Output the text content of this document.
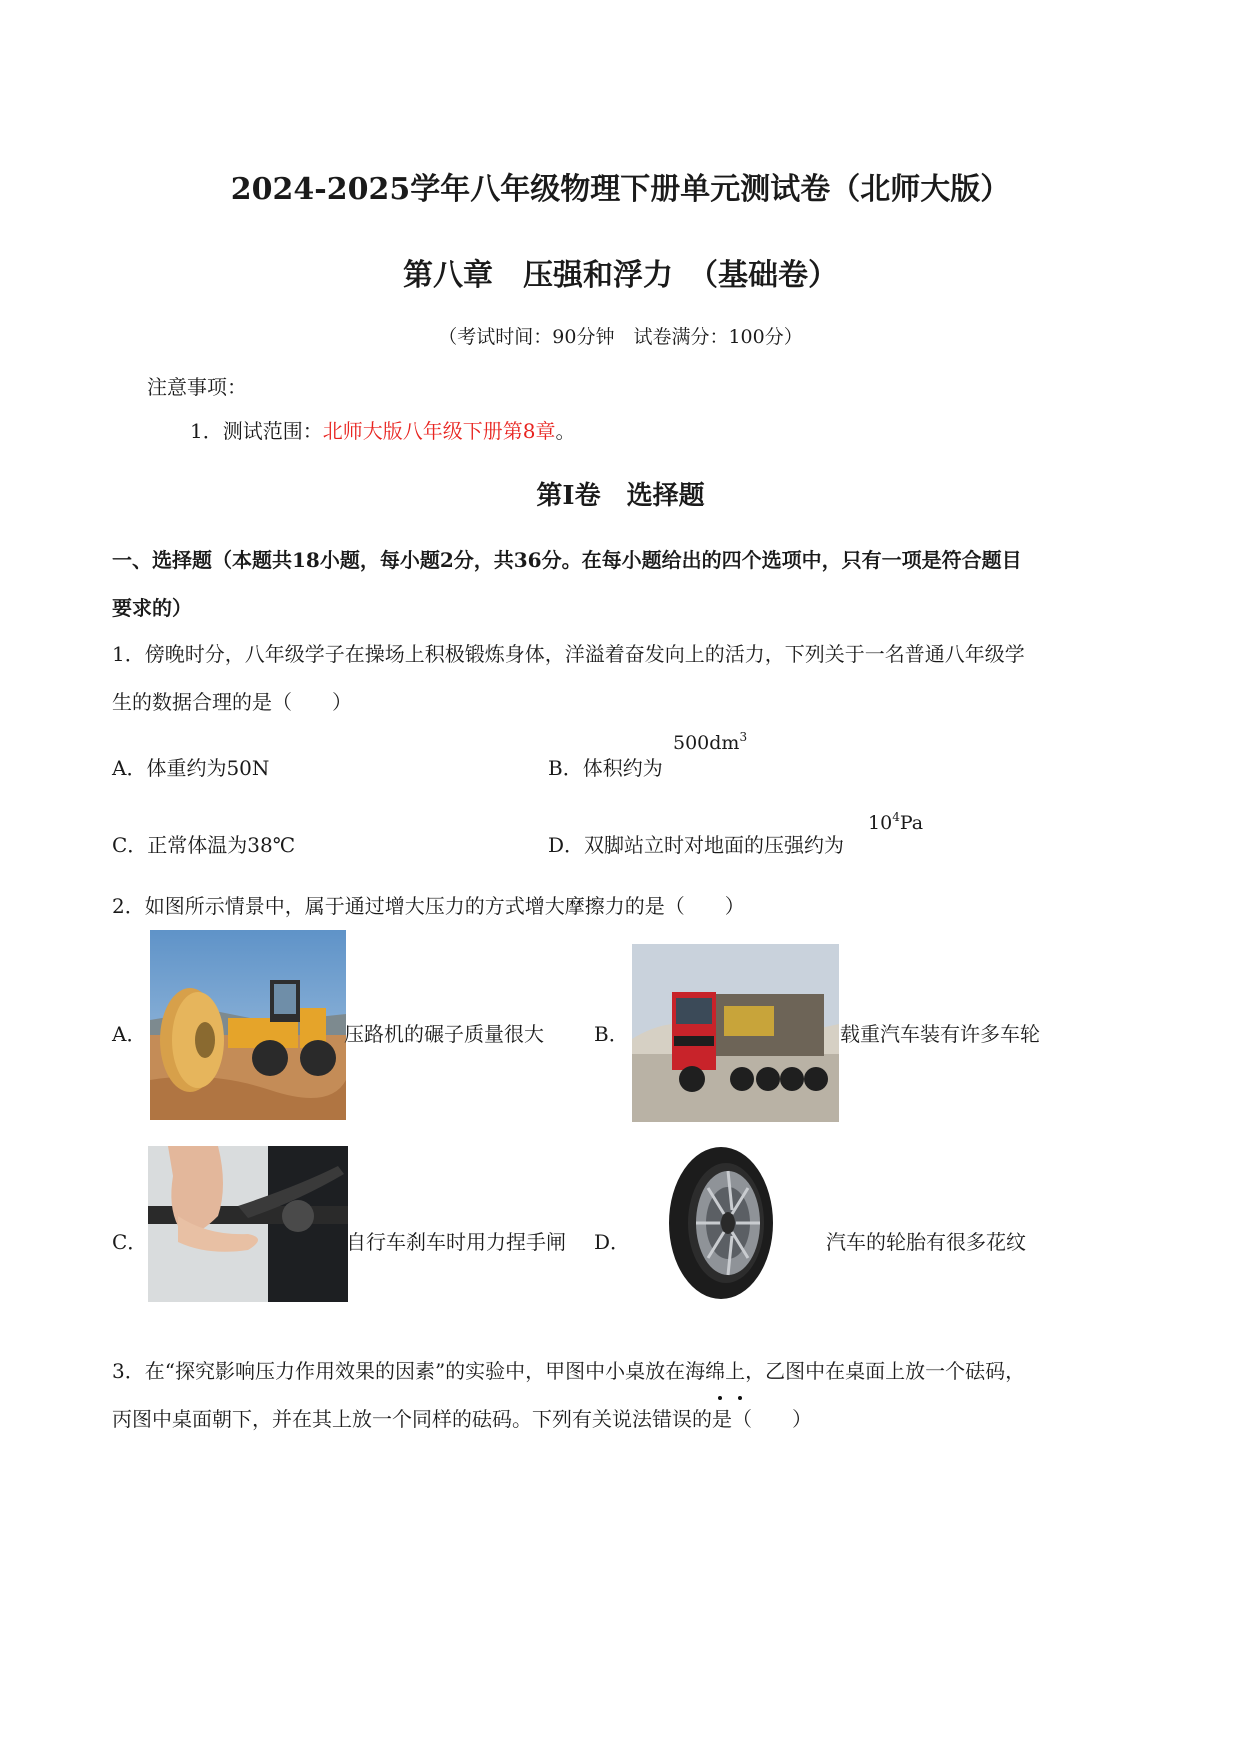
2024-2025学年八年级物理下册单元测试卷（北师大版）
第八章　压强和浮力　（基础卷）
（考试时间：90分钟　试卷满分：100分）
注意事项：
1．测试范围：北师大版八年级下册第8章。
第Ⅰ卷　选择题
一、选择题（本题共18小题，每小题2分，共36分。在每小题给出的四个选项中，只有一项是符合题目
要求的）
1．傍晚时分，八年级学子在操场上积极锻炼身体，洋溢着奋发向上的活力，下列关于一名普通八年级学
生的数据合理的是（　　）
A．体重约为50N	B．体积约为
$500dm^3$
C．正常体温为38℃	D．双脚站立时对地面的压强约为
$10^4Pa$
2．如图所示情景中，属于通过增大压力的方式增大摩擦力的是（　　）
A．	压路机的碾子质量很大	B．	载重汽车装有许多车轮
C．	自行车刹车时用力捏手闸 D．	汽车的轮胎有很多花纹
3．在“探究影响压力作用效果的因素”的实验中，甲图中小桌放在海绵上，乙图中在桌面上放一个砝码，
丙图中桌面朝下，并在其上放一个同样的砝码。下列有关说法错误的是（　　）
